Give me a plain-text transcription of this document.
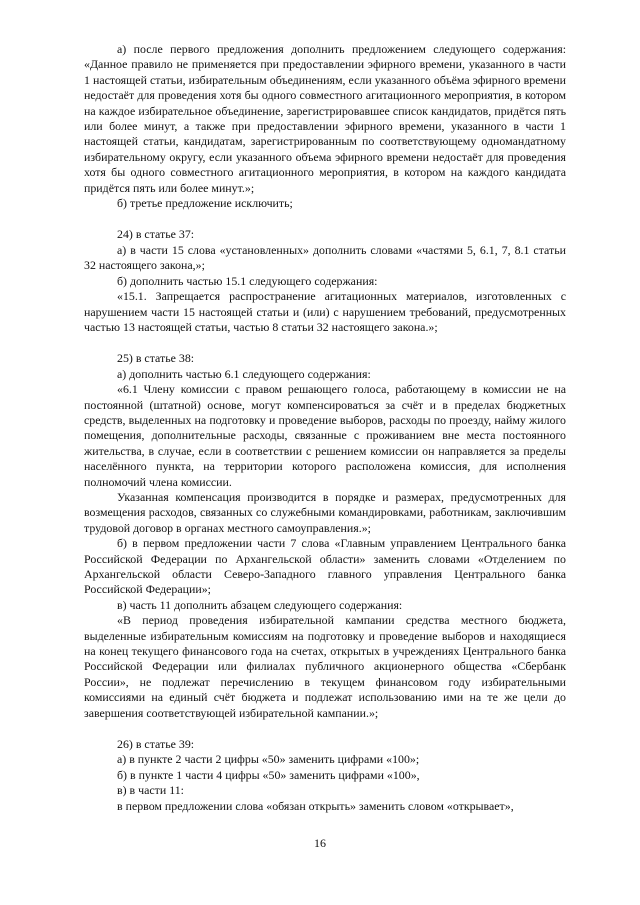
а) после первого предложения дополнить предложением следующего содержания: «Данное правило не применяется при предоставлении эфирного времени, указанного в части 1 настоящей статьи, избирательным объединениям, если указанного объёма эфирного времени недостаёт для проведения хотя бы одного совместного агитационного мероприятия, в котором на каждое избирательное объединение, зарегистрировавшее список кандидатов, придётся пять или более минут, а также при предоставлении эфирного времени, указанного в части 1 настоящей статьи, кандидатам, зарегистрированным по соответствующему одномандатному избирательному округу, если указанного объема эфирного времени недостаёт для проведения хотя бы одного совместного агитационного мероприятия, в котором на каждого кандидата придётся пять или более минут.»;

б) третье предложение исключить;

24) в статье 37:

а) в части 15 слова «установленных» дополнить словами «частями 5, 6.1, 7, 8.1 статьи 32 настоящего закона,»;

б) дополнить частью 15.1 следующего содержания:

«15.1. Запрещается распространение агитационных материалов, изготовленных с нарушением части 15 настоящей статьи и (или) с нарушением требований, предусмотренных частью 13 настоящей статьи, частью 8 статьи 32 настоящего закона.»;

25) в статье 38:

а) дополнить частью 6.1 следующего содержания:

«6.1 Члену комиссии с правом решающего голоса, работающему в комиссии не на постоянной (штатной) основе, могут компенсироваться за счёт и в пределах бюджетных средств, выделенных на подготовку и проведение выборов, расходы по проезду, найму жилого помещения, дополнительные расходы, связанные с проживанием вне места постоянного жительства, в случае, если в соответствии с решением комиссии он направляется за пределы населённого пункта, на территории которого расположена комиссия, для исполнения полномочий члена комиссии.

Указанная компенсация производится в порядке и размерах, предусмотренных для возмещения расходов, связанных со служебными командировками, работникам, заключившим трудовой договор в органах местного самоуправления.»;

б) в первом предложении части 7 слова «Главным управлением Центрального банка Российской Федерации по Архангельской области» заменить словами «Отделением по Архангельской области Северо-Западного главного управления Центрального банка Российской Федерации»;

в) часть 11 дополнить абзацем следующего содержания:

«В период проведения избирательной кампании средства местного бюджета, выделенные избирательным комиссиям на подготовку и проведение выборов и находящиеся на конец текущего финансового года на счетах, открытых в учреждениях Центрального банка Российской Федерации или филиалах публичного акционерного общества «Сбербанк России», не подлежат перечислению в текущем финансовом году избирательными комиссиями на единый счёт бюджета и подлежат использованию ими на те же цели до завершения соответствующей избирательной кампании.»;

26) в статье 39:

а) в пункте 2 части 2 цифры «50» заменить цифрами «100»;

б) в пункте 1 части 4 цифры «50» заменить цифрами «100»,

в) в части 11:

в первом предложении слова «обязан открыть» заменить словом «открывает»,

16
